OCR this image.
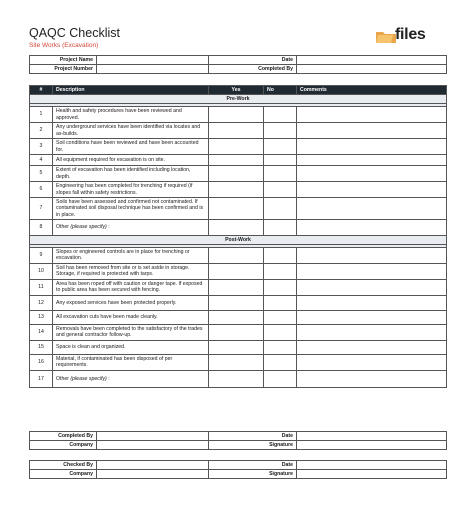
QAQC Checklist
Site Works (Excavation)
files
Project Name		Date	
Project Number		Completed By	
#	Description	Yes	No	Comments
Pre-Work				

1	Health and safety procedures have been reviewed and approved.			
2	Any underground services have been identified via locates and as-builds.			
3	Soil conditions have been reviewed and have been accounted for.			
4	All equipment required for excavation is on site.			
5	Extent of excavation has been identified including location, depth.			
6	Engineering has been completed for trenching if required (if slopes fall within safety restrictions.			
7	Soils have been assessed and confirmed not contaminated. If contaminated soil disposal technique has been confirmed and is in place.			
8	Other (please specify) :			
Post-Work				

9	Slopes or engineered controls are in place for trenching or excavation.			
10	Soil has been removed from site or is set aside in storage. Storage, if required is protected with tarps.			
11	Area has been roped off with caution or danger tape. If exposed to public area has been secured with fencing.			
12	Any exposed services have been protected properly.			
13	All excavation cuts have been made cleanly.			
14	Removals have been completed to the satisfactory of the trades and general contractor follow-up.			
15	Space is clean and organized.			
16	Material, if contaminated has been disposed of per requirements.			
17	Other (please specify) :			
Completed By		Date	
Company		Signature	
Checked By		Date	
Company		Signature	
